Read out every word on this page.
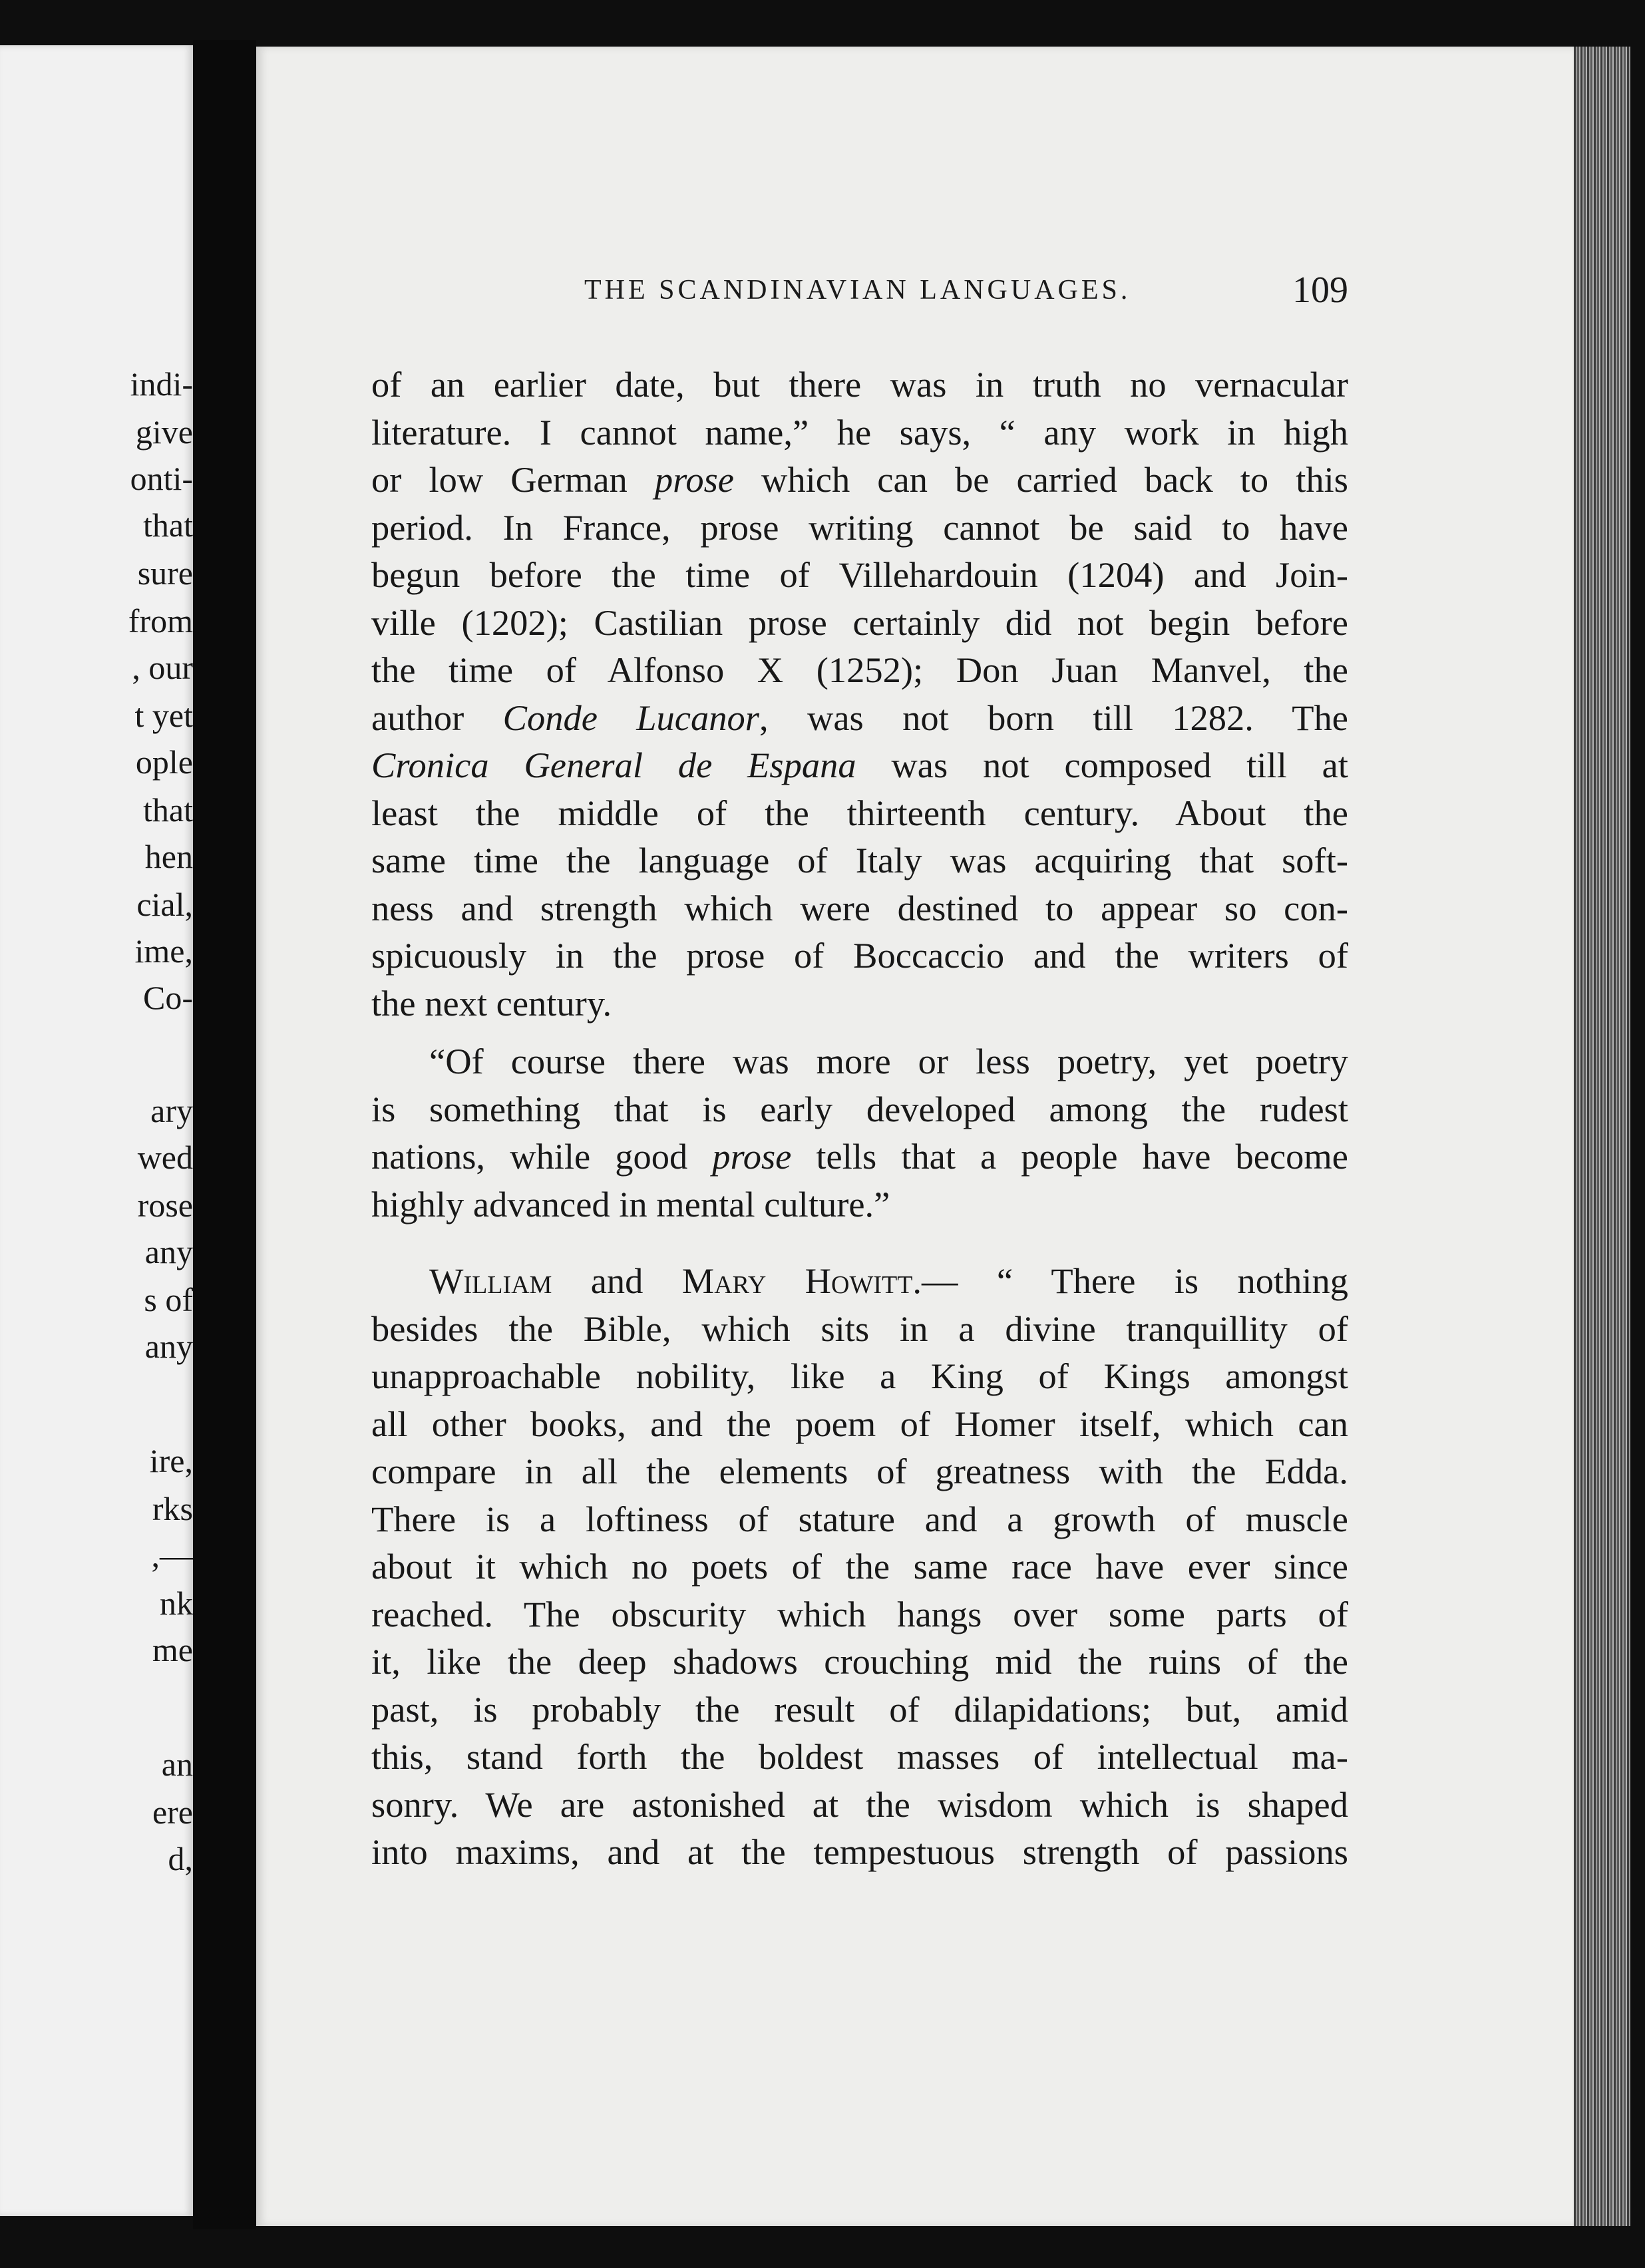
indi-
give
onti-
that
sure
from
, our
t yet
ople
that
hen
cial,
ime,
Co-
ary
wed
rose
any
s of
any
ire,
rks
,—
nk
me
an
ere
d,
THE SCANDINAVIAN LANGUAGES.	109
of an earlier date, but there was in truth no vernacular
literature. I cannot name,” he says, “ any work in high
or low German prose which can be carried back to this
period. In France, prose writing cannot be said to have
begun before the time of Villehardouin (1204) and Join-
ville (1202); Castilian prose certainly did not begin before
the time of Alfonso X (1252); Don Juan Manvel, the
author Conde Lucanor, was not born till 1282. The
Cronica General de Espana was not composed till at
least the middle of the thirteenth century. About the
same time the language of Italy was acquiring that soft-
ness and strength which were destined to appear so con-
spicuously in the prose of Boccaccio and the writers of
the next century.
“Of course there was more or less poetry, yet poetry
is something that is early developed among the rudest
nations, while good prose tells that a people have become
highly advanced in mental culture.”
William and Mary Howitt.— “ There is nothing
besides the Bible, which sits in a divine tranquillity of
unapproachable nobility, like a King of Kings amongst
all other books, and the poem of Homer itself, which can
compare in all the elements of greatness with the Edda.
There is a loftiness of stature and a growth of muscle
about it which no poets of the same race have ever since
reached. The obscurity which hangs over some parts of
it, like the deep shadows crouching mid the ruins of the
past, is probably the result of dilapidations; but, amid
this, stand forth the boldest masses of intellectual ma-
sonry. We are astonished at the wisdom which is shaped
into maxims, and at the tempestuous strength of passions
